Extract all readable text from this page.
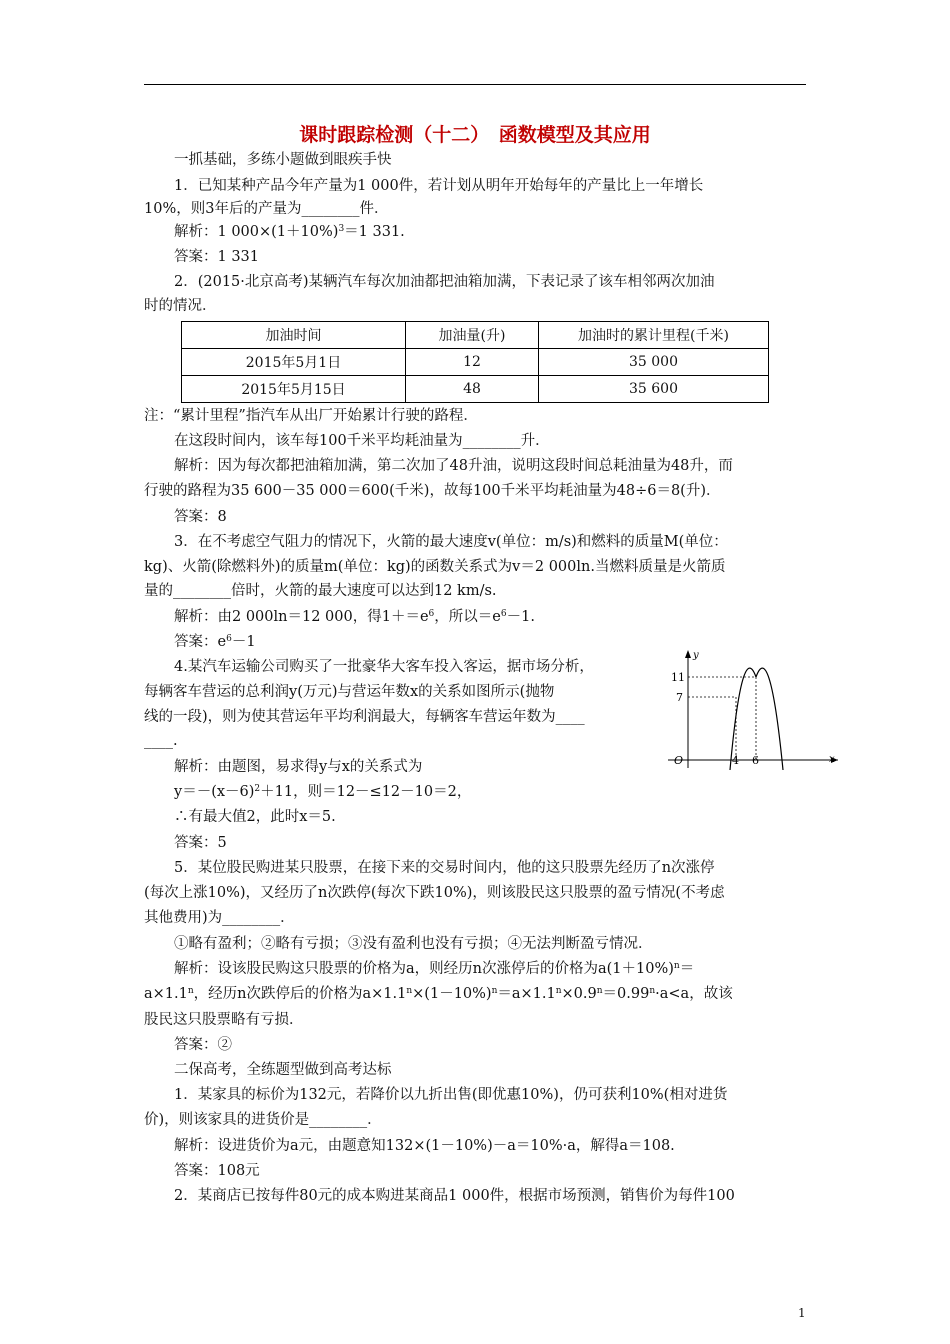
课时跟踪检测（十二）　函数模型及其应用
一抓基础，多练小题做到眼疾手快
1．已知某种产品今年产量为1 000件，若计划从明年开始每年的产量比上一年增长
10%，则3年后的产量为________件．
解析：1 $000\times(1+10\%)^3=1$ 331.
答案：1 331
2．(2015·北京高考)某辆汽车每次加油都把油箱加满，下表记录了该车相邻两次加油
时的情况．
加油时间	加油量(升)	加油时的累计里程(千米)
2015年5月1日	12	35 000
2015年5月15日	48	35 600
注：“累计里程”指汽车从出厂开始累计行驶的路程．
在这段时间内，该车每100千米平均耗油量为________升．
解析：因为每次都把油箱加满，第二次加了48升油，说明这段时间总耗油量为48升，而
行驶的路程为35 600－35 000＝600(千米)，故每100千米平均耗油量为48÷6＝8(升)．
答案：8
3．在不考虑空气阻力的情况下，火箭的最大速度v(单位：m/s)和燃料的质量M(单位：
kg)、火箭(除燃料外)的质量m(单位：kg)的函数关系式为v＝2 000ln.当燃料质量是火箭质
量的________倍时，火箭的最大速度可以达到12 km/s.
解析：由2 000ln＝12 000，得$1+=e^6$，所以$=e^6-1$.
答案：$e^6-1$
4.某汽车运输公司购买了一批豪华大客车投入客运，据市场分析，
每辆客车营运的总利润y(万元)与营运年数x的关系如图所示(抛物
线的一段)，则为使其营运年平均利润最大，每辆客车营运年数为____
____.
y
x
11
7
O	4 6
解析：由题图，易求得y与x的关系式为
$y=-(x-6)^2+11$，则＝12－≤12－10＝2，
∴有最大值2，此时x＝5.
答案：5
5．某位股民购进某只股票，在接下来的交易时间内，他的这只股票先经历了n次涨停
(每次上涨10%)，又经历了n次跌停(每次下跌10%)，则该股民这只股票的盈亏情况(不考虑
其他费用)为________．
①略有盈利；②略有亏损；③没有盈利也没有亏损；④无法判断盈亏情况．
解析：设该股民购这只股票的价格为a，则经历n次涨停后的价格为$a(1+10\%)^n=$
$a\times 1.1^n$，经历n次跌停后的价格为$a\times 1.1^n\times(1-10\%)^n=a\times 1.1^n\times 0.9^n=0.99^n\cdot a<a$，故该
股民这只股票略有亏损．
答案：②
二保高考，全练题型做到高考达标
1．某家具的标价为132元，若降价以九折出售(即优惠10%)，仍可获利10%(相对进货
价)，则该家具的进货价是________．
解析：设进货价为a元，由题意知132×(1－10%)－a＝10%·a，解得a＝108.
答案：108元
2．某商店已按每件80元的成本购进某商品1 000件，根据市场预测，销售价为每件100
1
